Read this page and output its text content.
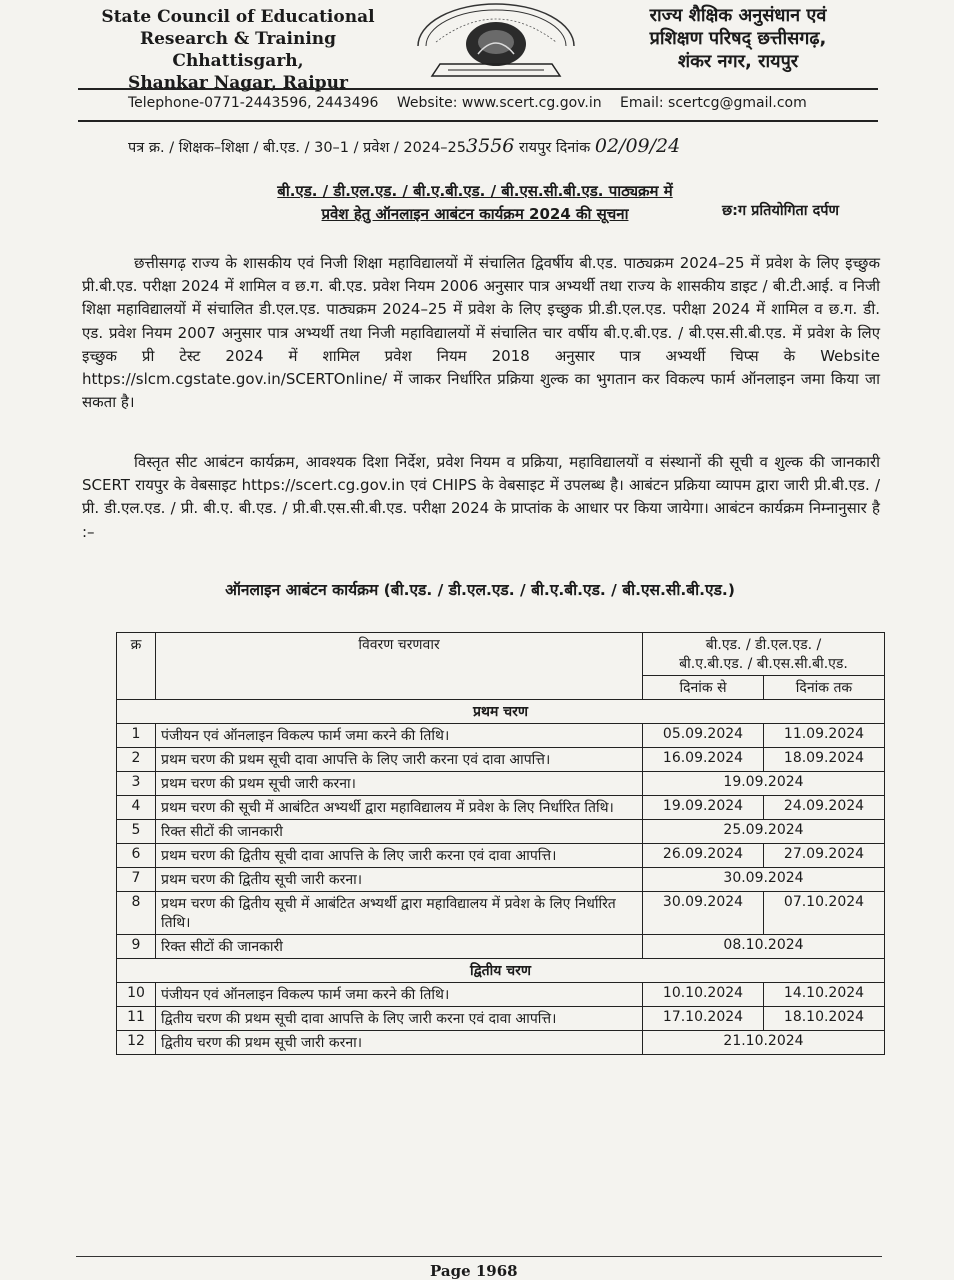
State Council of Educational
Research & Training Chhattisgarh,
Shankar Nagar, Raipur
राज्य शैक्षिक अनुसंधान एवं
प्रशिक्षण परिषद् छत्तीसगढ़,
शंकर नगर, रायपुर
Telephone-0771-2443596, 2443496 Website: www.scert.cg.gov.in Email: scertcg@gmail.com
पत्र क्र. / शिक्षक–शिक्षा / बी.एड. / 30–1 / प्रवेश / 2024–253556 रायपुर दिनांक 02/09/24
बी.एड. / डी.एल.एड. / बी.ए.बी.एड. / बी.एस.सी.बी.एड. पाठ्यक्रम में
प्रवेश हेतु ऑनलाइन आबंटन कार्यक्रम 2024 की सूचना	छ:ग प्रतियोगिता दर्पण
छत्तीसगढ़ राज्य के शासकीय एवं निजी शिक्षा महाविद्यालयों में संचालित द्विवर्षीय बी.एड. पाठ्यक्रम 2024–25 में प्रवेश के लिए इच्छुक प्री.बी.एड. परीक्षा 2024 में शामिल व छ.ग. बी.एड. प्रवेश नियम 2006 अनुसार पात्र अभ्यर्थी तथा राज्य के शासकीय डाइट / बी.टी.आई. व निजी शिक्षा महाविद्यालयों में संचालित डी.एल.एड. पाठ्यक्रम 2024–25 में प्रवेश के लिए इच्छुक प्री.डी.एल.एड. परीक्षा 2024 में शामिल व छ.ग. डी. एड. प्रवेश नियम 2007 अनुसार पात्र अभ्यर्थी तथा निजी महाविद्यालयों में संचालित चार वर्षीय बी.ए.बी.एड. / बी.एस.सी.बी.एड. में प्रवेश के लिए इच्छुक प्री टेस्ट 2024 में शामिल प्रवेश नियम 2018 अनुसार पात्र अभ्यर्थी चिप्स के Website https://slcm.cgstate.gov.in/SCERTOnline/ में जाकर निर्धारित प्रक्रिया शुल्क का भुगतान कर विकल्प फार्म ऑनलाइन जमा किया जा सकता है।
विस्तृत सीट आबंटन कार्यक्रम, आवश्यक दिशा निर्देश, प्रवेश नियम व प्रक्रिया, महाविद्यालयों व संस्थानों की सूची व शुल्क की जानकारी SCERT रायपुर के वेबसाइट https://scert.cg.gov.in एवं CHIPS के वेबसाइट में उपलब्ध है। आबंटन प्रक्रिया व्यापम द्वारा जारी प्री.बी.एड. / प्री. डी.एल.एड. / प्री. बी.ए. बी.एड. / प्री.बी.एस.सी.बी.एड. परीक्षा 2024 के प्राप्तांक के आधार पर किया जायेगा। आबंटन कार्यक्रम निम्नानुसार है :–
ऑनलाइन आबंटन कार्यक्रम (बी.एड. / डी.एल.एड. / बी.ए.बी.एड. / बी.एस.सी.बी.एड.)
क्र	विवरण चरणवार	बी.एड. / डी.एल.एड. /
बी.ए.बी.एड. / बी.एस.सी.बी.एड.	

		दिनांक से	दिनांक तक
प्रथम चरण			
1	पंजीयन एवं ऑनलाइन विकल्प फार्म जमा करने की तिथि।	05.09.2024	11.09.2024
2	प्रथम चरण की प्रथम सूची दावा आपत्ति के लिए जारी करना एवं दावा आपत्ति।	16.09.2024	18.09.2024
3	प्रथम चरण की प्रथम सूची जारी करना।	19.09.2024	
4	प्रथम चरण की सूची में आबंटित अभ्यर्थी द्वारा महाविद्यालय में प्रवेश के लिए निर्धारित तिथि।	19.09.2024	24.09.2024
5	रिक्त सीटों की जानकारी	25.09.2024	
6	प्रथम चरण की द्वितीय सूची दावा आपत्ति के लिए जारी करना एवं दावा आपत्ति।	26.09.2024	27.09.2024
7	प्रथम चरण की द्वितीय सूची जारी करना।	30.09.2024	
8	प्रथम चरण की द्वितीय सूची में आबंटित अभ्यर्थी द्वारा महाविद्यालय में प्रवेश के लिए निर्धारित तिथि।	30.09.2024	07.10.2024
9	रिक्त सीटों की जानकारी	08.10.2024	
द्वितीय चरण			
10	पंजीयन एवं ऑनलाइन विकल्प फार्म जमा करने की तिथि।	10.10.2024	14.10.2024
11	द्वितीय चरण की प्रथम सूची दावा आपत्ति के लिए जारी करना एवं दावा आपत्ति।	17.10.2024	18.10.2024
12	द्वितीय चरण की प्रथम सूची जारी करना।	21.10.2024	
Page 1968
